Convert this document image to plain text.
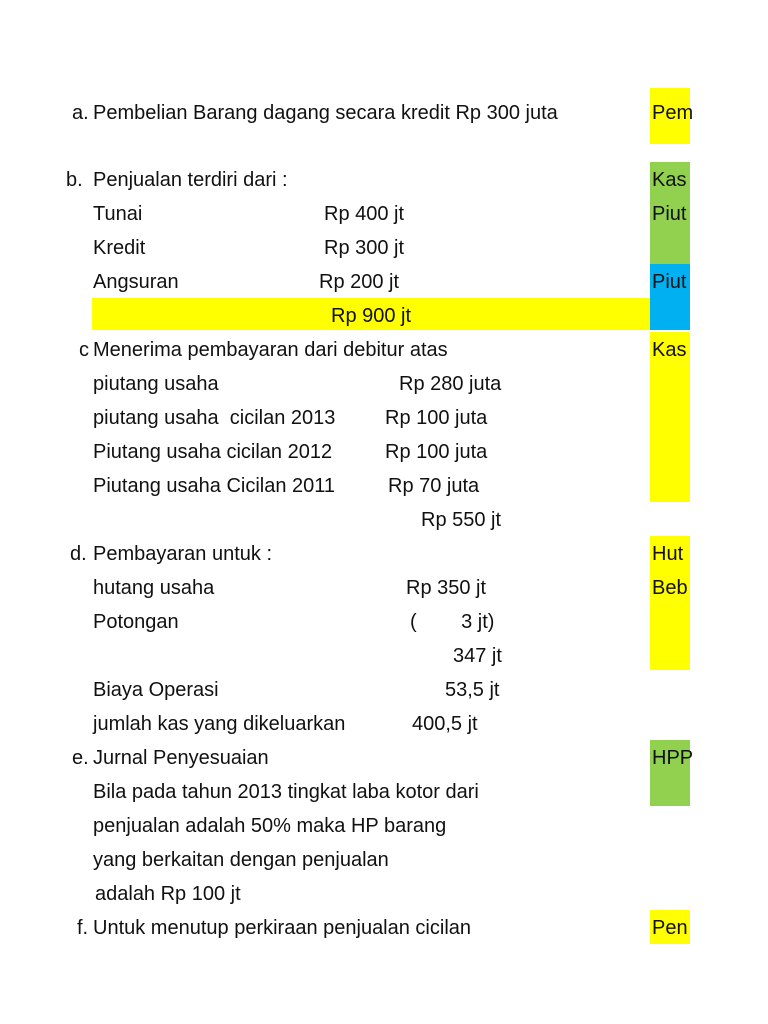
a. Pembelian Barang dagang secara kredit Rp 300 juta	Pem
b. Penjualan terdiri dari :	Kas
Tunai	Rp 400 jt	Piut
Kredit	Rp 300 jt
Angsuran	Rp 200 jt	Piut
Rp 900 jt
c Menerima pembayaran dari debitur atas	Kas
piutang usaha	Rp 280 juta
piutang usaha  cicilan 2013 Rp 100 juta
Piutang usaha cicilan 2012	Rp 100 juta
Piutang usaha Cicilan 2011	Rp 70 juta
Rp 550 jt
d. Pembayaran untuk :	Hut
hutang usaha	Rp 350 jt	Beb
Potongan	(        3 jt)
347 jt
Biaya Operasi	53,5 jt
jumlah kas yang dikeluarkan	400,5 jt
e. Jurnal Penyesuaian	HPP
Bila pada tahun 2013 tingkat laba kotor dari
penjualan adalah 50% maka HP barang
yang berkaitan dengan penjualan
adalah Rp 100 jt
f. Untuk menutup perkiraan penjualan cicilan	Pen
